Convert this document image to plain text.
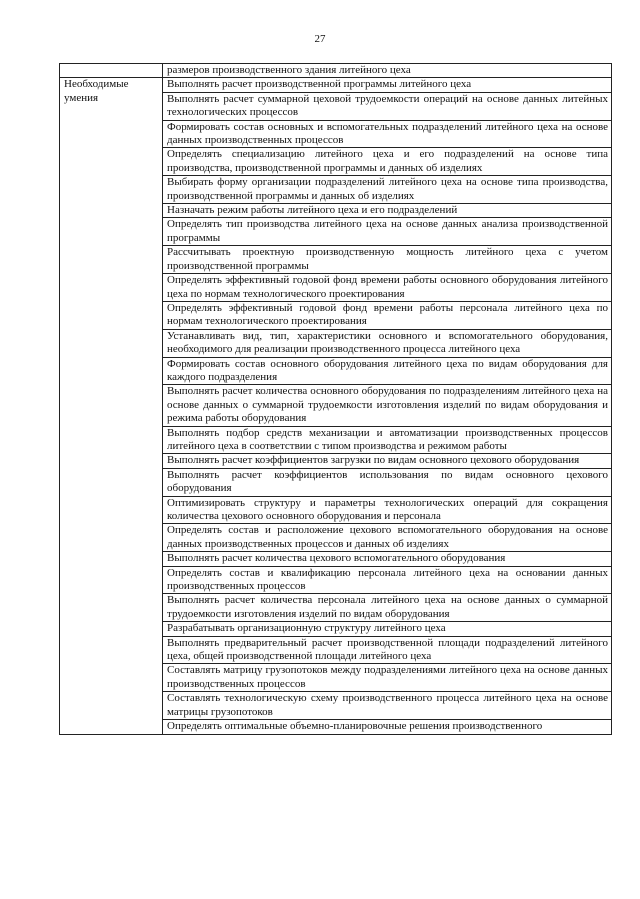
27
	размеров производственного здания литейного цеха
Необходимые умения	Выполнять расчет производственной программы литейного цеха
	Выполнять расчет суммарной цеховой трудоемкости операций на основе данных литейных технологических процессов
	Формировать состав основных и вспомогательных подразделений литейного цеха на основе данных производственных процессов
	Определять специализацию литейного цеха и его подразделений на основе типа производства, производственной программы и данных об изделиях
	Выбирать форму организации подразделений литейного цеха на основе типа производства, производственной программы и данных об изделиях
	Назначать режим работы литейного цеха и его подразделений
	Определять тип производства литейного цеха на основе данных анализа производственной программы
	Рассчитывать проектную производственную мощность литейного цеха с учетом производственной программы
	Определять эффективный годовой фонд времени работы основного оборудования литейного цеха по нормам технологического проектирования
	Определять эффективный годовой фонд времени работы персонала литейного цеха по нормам технологического проектирования
	Устанавливать вид, тип, характеристики основного и вспомогательного оборудования, необходимого для реализации производственного процесса литейного цеха
	Формировать состав основного оборудования литейного цеха по видам оборудования для каждого подразделения
	Выполнять расчет количества основного оборудования по подразделениям литейного цеха на основе данных о суммарной трудоемкости изготовления изделий по видам оборудования и режима работы оборудования
	Выполнять подбор средств механизации и автоматизации производственных процессов литейного цеха в соответствии с типом производства и режимом работы
	Выполнять расчет коэффициентов загрузки по видам основного цехового оборудования
	Выполнять расчет коэффициентов использования по видам основного цехового оборудования
	Оптимизировать структуру и параметры технологических операций для сокращения количества цехового основного оборудования и персонала
	Определять состав и расположение цехового вспомогательного оборудования на основе данных производственных процессов и данных об изделиях
	Выполнять расчет количества цехового вспомогательного оборудования
	Определять состав и квалификацию персонала литейного цеха на основании данных производственных процессов
	Выполнять расчет количества персонала литейного цеха на основе данных о суммарной трудоемкости изготовления изделий по видам оборудования
	Разрабатывать организационную структуру литейного цеха
	Выполнять предварительный расчет производственной площади подразделений литейного цеха, общей производственной площади литейного цеха
	Составлять матрицу грузопотоков между подразделениями литейного цеха на основе данных производственных процессов
	Составлять технологическую схему производственного процесса литейного цеха на основе матрицы грузопотоков
	Определять оптимальные объемно-планировочные решения производственного
